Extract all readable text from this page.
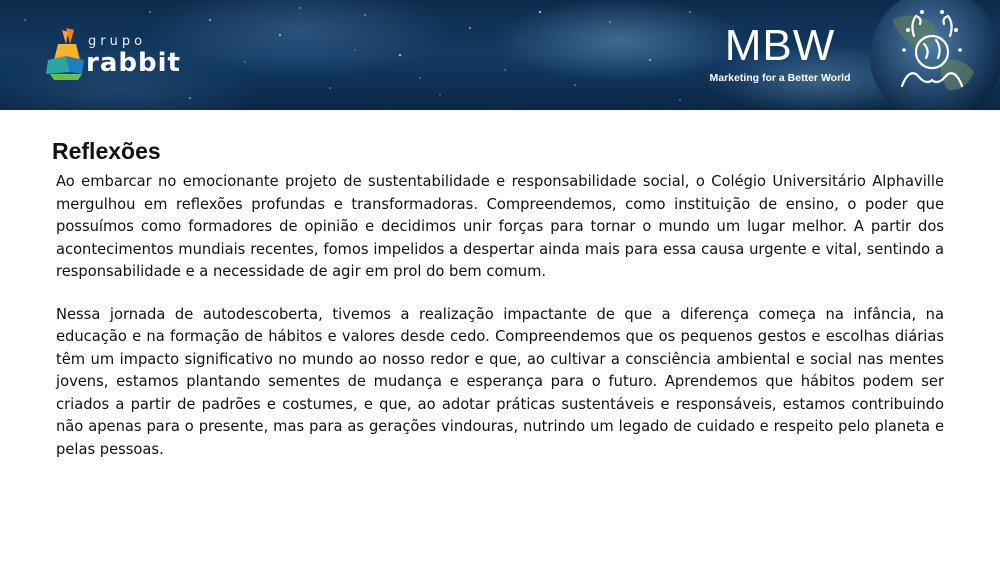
grupo
rabbit	MBW
Marketing for a Better World
Reflexões

Ao embarcar no emocionante projeto de sustentabilidade e responsabilidade social, o Colégio Universitário Alphaville mergulhou em reflexões profundas e transformadoras. Compreendemos, como instituição de ensino, o poder que possuímos como formadores de opinião e decidimos unir forças para tornar o mundo um lugar melhor. A partir dos acontecimentos mundiais recentes, fomos impelidos a despertar ainda mais para essa causa urgente e vital, sentindo a responsabilidade e a necessidade de agir em prol do bem comum.

Nessa jornada de autodescoberta, tivemos a realização impactante de que a diferença começa na infância, na educação e na formação de hábitos e valores desde cedo. Compreendemos que os pequenos gestos e escolhas diárias têm um impacto significativo no mundo ao nosso redor e que, ao cultivar a consciência ambiental e social nas mentes jovens, estamos plantando sementes de mudança e esperança para o futuro. Aprendemos que hábitos podem ser criados a partir de padrões e costumes, e que, ao adotar práticas sustentáveis e responsáveis, estamos contribuindo não apenas para o presente, mas para as gerações vindouras, nutrindo um legado de cuidado e respeito pelo planeta e pelas pessoas.
